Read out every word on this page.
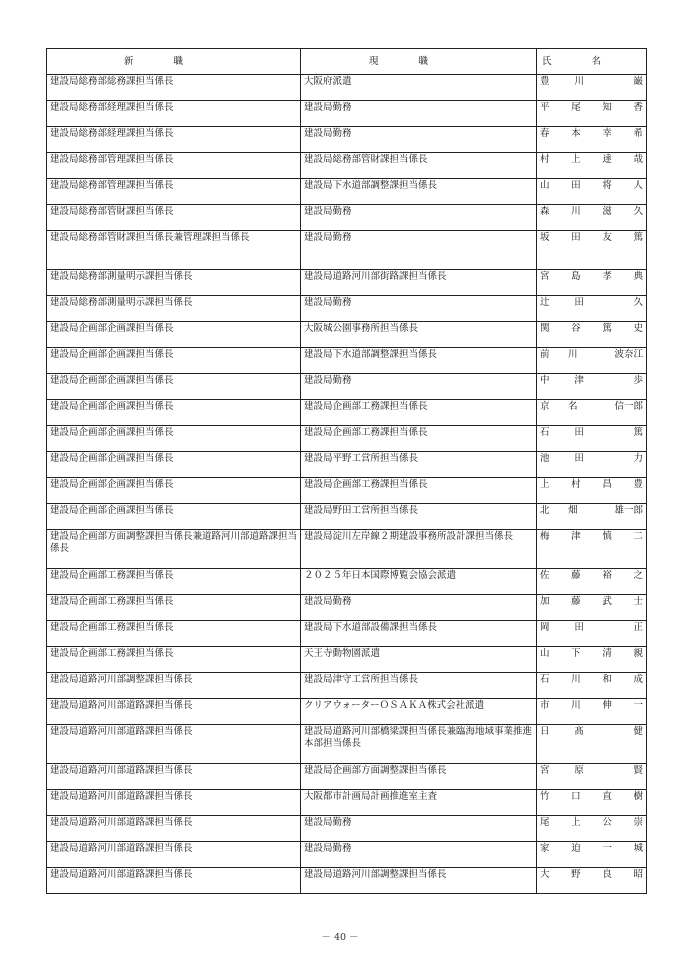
新職	現職	氏名
建設局総務部総務課担当係長	大阪府派遣	豊 川 巌

建設局総務部経理課担当係長	建設局勤務	平 尾 知 香

建設局総務部経理課担当係長	建設局勤務	春 本 幸 希

建設局総務部管理課担当係長	建設局総務部管財課担当係長	村 上 達 哉

建設局総務部管理課担当係長	建設局下水道部調整課担当係長	山 田 将 人

建設局総務部管財課担当係長	建設局勤務	森 川 滋 久

建設局総務部管財課担当係長兼管理課担当係長	建設局勤務	坂 田 友 篤

建設局総務部測量明示課担当係長	建設局道路河川部街路課担当係長	宮 島 孝 典

建設局総務部測量明示課担当係長	建設局勤務	辻 田 久

建設局企画部企画課担当係長	大阪城公園事務所担当係長	関 谷 篤 史

建設局企画部企画課担当係長	建設局下水道部調整課担当係長	前 川 波奈江

建設局企画部企画課担当係長	建設局勤務	中 津 歩

建設局企画部企画課担当係長	建設局企画部工務課担当係長	京 名 信一郎

建設局企画部企画課担当係長	建設局企画部工務課担当係長	石 田 篤

建設局企画部企画課担当係長	建設局平野工営所担当係長	池 田 力

建設局企画部企画課担当係長	建設局企画部工務課担当係長	上 村 昌 豊

建設局企画部企画課担当係長	建設局野田工営所担当係長	北 畑 雄一郎

建設局企画部方面調整課担当係長兼道路河川部道路課担当係長	建設局淀川左岸線２期建設事務所設計課担当係長	梅 津 慎 二

建設局企画部工務課担当係長	２０２５年日本国際博覧会協会派遣	佐 藤 裕 之

建設局企画部工務課担当係長	建設局勤務	加 藤 武 士

建設局企画部工務課担当係長	建設局下水道部設備課担当係長	岡 田 正

建設局企画部工務課担当係長	天王寺動物園派遣	山 下 清 親

建設局道路河川部調整課担当係長	建設局津守工営所担当係長	石 川 和 成

建設局道路河川部道路課担当係長	クリアウォーターＯＳＡＫＡ株式会社派遣	市 川 伸 一

建設局道路河川部道路課担当係長	建設局道路河川部橋梁課担当係長兼臨海地域事業推進本部担当係長	日 髙 健

建設局道路河川部道路課担当係長	建設局企画部方面調整課担当係長	宮 原 賢

建設局道路河川部道路課担当係長	大阪都市計画局計画推進室主査	竹 口 直 樹

建設局道路河川部道路課担当係長	建設局勤務	尾 上 公 崇

建設局道路河川部道路課担当係長	建設局勤務	家 迫 一 城

建設局道路河川部道路課担当係長	建設局道路河川部調整課担当係長	大 野 良 昭
－ 40 －
